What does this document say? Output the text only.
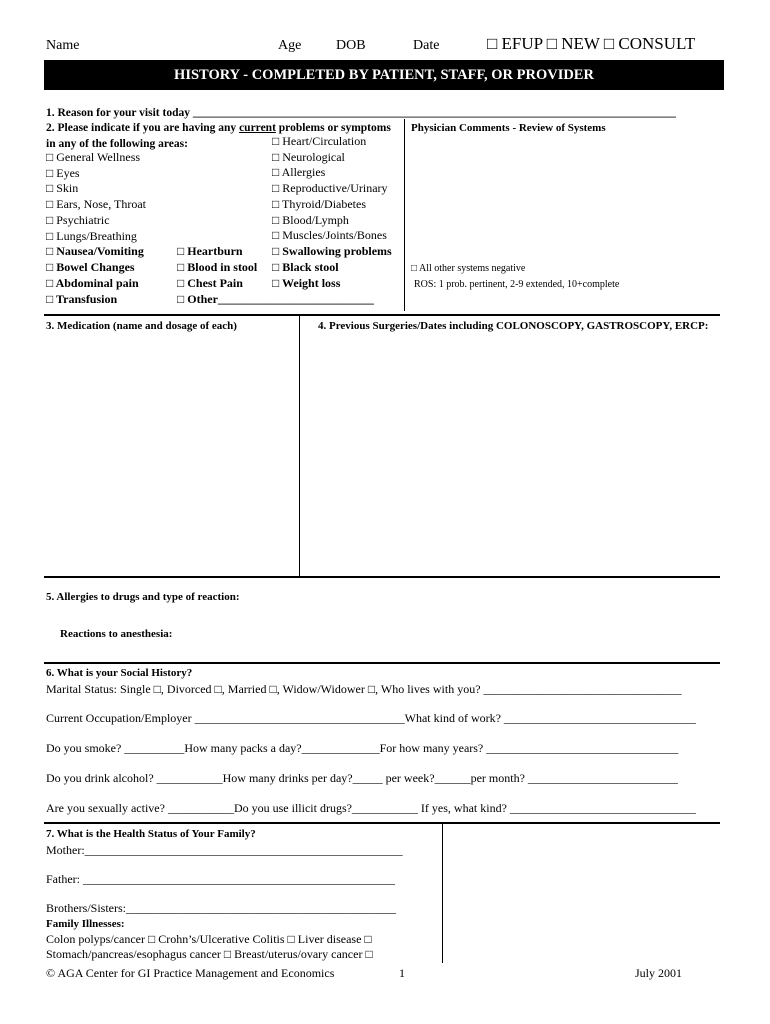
Name	Age DOB	Date	□ EFUP □ NEW □ CONSULT
HISTORY - COMPLETED BY PATIENT, STAFF, OR PROVIDER
1. Reason for your visit today ____________________________________________________________________________________
2. Please indicate if you are having any current problems or symptoms
in any of the following areas:
□ General Wellness
□ Eyes
□ Skin
□ Ears, Nose, Throat
□ Psychiatric
□ Lungs/Breathing
□ Heart/Circulation
□ Neurological
□ Allergies
□ Reproductive/Urinary
□ Thyroid/Diabetes
□ Blood/Lymph
□ Muscles/Joints/Bones
□ Nausea/Vomiting	□ Heartburn □ Swallowing problems
□ Bowel Changes	□ Blood in stool □ Black stool
□ Abdominal pain	□ Chest Pain □ Weight loss
□ Transfusion	□ Other__________________________
Physician Comments - Review of Systems
□ All other systems negative
ROS: 1 prob. pertinent, 2-9 extended, 10+complete
3. Medication (name and dosage of each)	4. Previous Surgeries/Dates including COLONOSCOPY, GASTROSCOPY, ERCP:
5. Allergies to drugs and type of reaction:
Reactions to anesthesia:
6. What is your Social History?
Marital Status: Single □, Divorced □, Married □, Widow/Widower □, Who lives with you? _________________________________
Current Occupation/Employer ___________________________________What kind of work? ________________________________
Do you smoke? __________How many packs a day?_____________For how many years? ________________________________
Do you drink alcohol? ___________How many drinks per day?_____ per week?______per month? _________________________
Are you sexually active? ___________Do you use illicit drugs?___________ If yes, what kind? _______________________________
7. What is the Health Status of Your Family?
Mother:_____________________________________________________
Father: ____________________________________________________
Brothers/Sisters:_____________________________________________
Family Illnesses:
Colon polyps/cancer □ Crohn’s/Ulcerative Colitis □ Liver disease □
Stomach/pancreas/esophagus cancer □ Breast/uterus/ovary cancer □
© AGA Center for GI Practice Management and Economics	1	July 2001
